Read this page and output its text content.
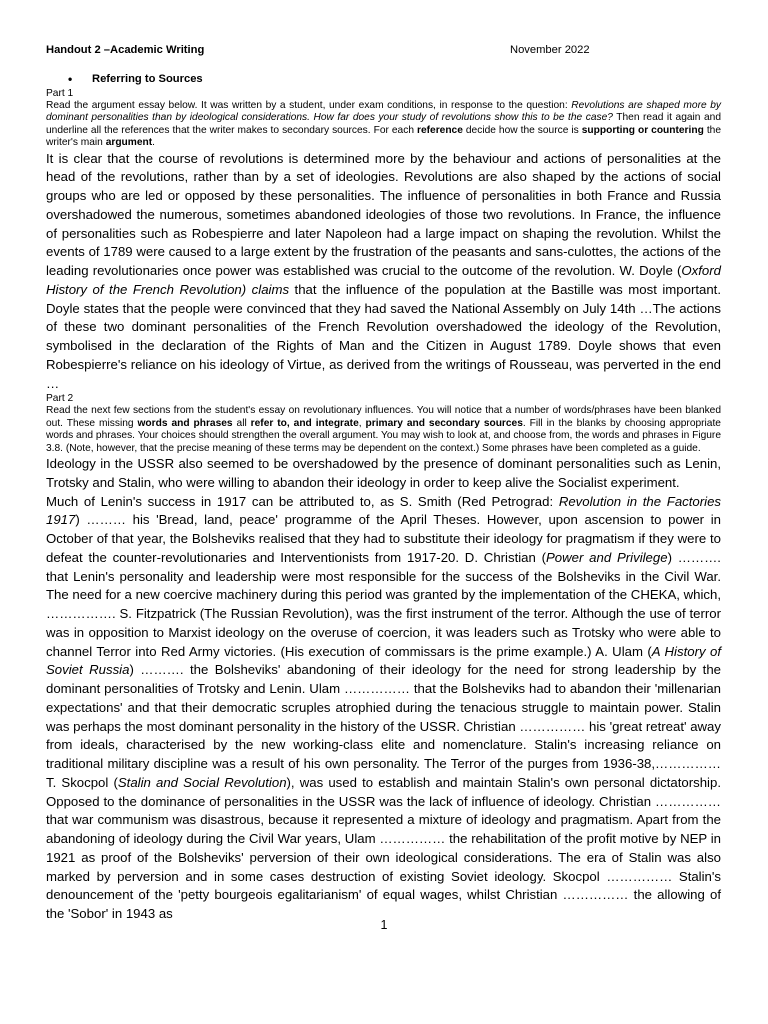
Handout 2 –Academic Writing	November 2022
• Referring to Sources
Part 1

Read the argument essay below. It was written by a student, under exam conditions, in response to the question: Revolutions are shaped more by dominant personalities than by ideological considerations. How far does your study of revolutions show this to be the case? Then read it again and underline all the references that the writer makes to secondary sources. For each reference decide how the source is supporting or countering the writer's main argument.

It is clear that the course of revolutions is determined more by the behaviour and actions of personalities at the head of the revolutions, rather than by a set of ideologies. Revolutions are also shaped by the actions of social groups who are led or opposed by these personalities. The influence of personalities in both France and Russia overshadowed the numerous, sometimes abandoned ideologies of those two revolutions. In France, the influence of personalities such as Robespierre and later Napoleon had a large impact on shaping the revolution. Whilst the events of 1789 were caused to a large extent by the frustration of the peasants and sans-culottes, the actions of the leading revolutionaries once power was established was crucial to the outcome of the revolution. W. Doyle (Oxford History of the French Revolution) claims that the influence of the population at the Bastille was most important. Doyle states that the people were convinced that they had saved the National Assembly on July 14th …The actions of these two dominant personalities of the French Revolution overshadowed the ideology of the Revolution, symbolised in the declaration of the Rights of Man and the Citizen in August 1789. Doyle shows that even Robespierre's reliance on his ideology of Virtue, as derived from the writings of Rousseau, was perverted in the end …

Part 2

Read the next few sections from the student's essay on revolutionary influences. You will notice that a number of words/phrases have been blanked out. These missing words and phrases all refer to, and integrate, primary and secondary sources. Fill in the blanks by choosing appropriate words and phrases. Your choices should strengthen the overall argument. You may wish to look at, and choose from, the words and phrases in Figure 3.8. (Note, however, that the precise meaning of these terms may be dependent on the context.) Some phrases have been completed as a guide.

Ideology in the USSR also seemed to be overshadowed by the presence of dominant personalities such as Lenin, Trotsky and Stalin, who were willing to abandon their ideology in order to keep alive the Socialist experiment.

Much of Lenin's success in 1917 can be attributed to, as S. Smith (Red Petrograd: Revolution in the Factories 1917) ……… his 'Bread, land, peace' programme of the April Theses. However, upon ascension to power in October of that year, the Bolsheviks realised that they had to substitute their ideology for pragmatism if they were to defeat the counter-revolutionaries and Interventionists from 1917-20. D. Christian (Power and Privilege) ………. that Lenin's personality and leadership were most responsible for the success of the Bolsheviks in the Civil War. The need for a new coercive machinery during this period was granted by the implementation of the CHEKA, which, ……………. S. Fitzpatrick (The Russian Revolution), was the first instrument of the terror. Although the use of terror was in opposition to Marxist ideology on the overuse of coercion, it was leaders such as Trotsky who were able to channel Terror into Red Army victories. (His execution of commissars is the prime example.) A. Ulam (A History of Soviet Russia) ………. the Bolsheviks' abandoning of their ideology for the need for strong leadership by the dominant personalities of Trotsky and Lenin. Ulam …………… that the Bolsheviks had to abandon their 'millenarian expectations' and that their democratic scruples atrophied during the tenacious struggle to maintain power. Stalin was perhaps the most dominant personality in the history of the USSR. Christian …………… his 'great retreat' away from ideals, characterised by the new working-class elite and nomenclature. Stalin's increasing reliance on traditional military discipline was a result of his own personality. The Terror of the purges from 1936-38,…………… T. Skocpol (Stalin and Social Revolution), was used to establish and maintain Stalin's own personal dictatorship. Opposed to the dominance of personalities in the USSR was the lack of influence of ideology. Christian …………… that war communism was disastrous, because it represented a mixture of ideology and pragmatism. Apart from the abandoning of ideology during the Civil War years, Ulam …………… the rehabilitation of the profit motive by NEP in 1921 as proof of the Bolsheviks' perversion of their own ideological considerations. The era of Stalin was also marked by perversion and in some cases destruction of existing Soviet ideology. Skocpol …………… Stalin's denouncement of the 'petty bourgeois egalitarianism' of equal wages, whilst Christian …………… the allowing of the 'Sobor' in 1943 as

1
